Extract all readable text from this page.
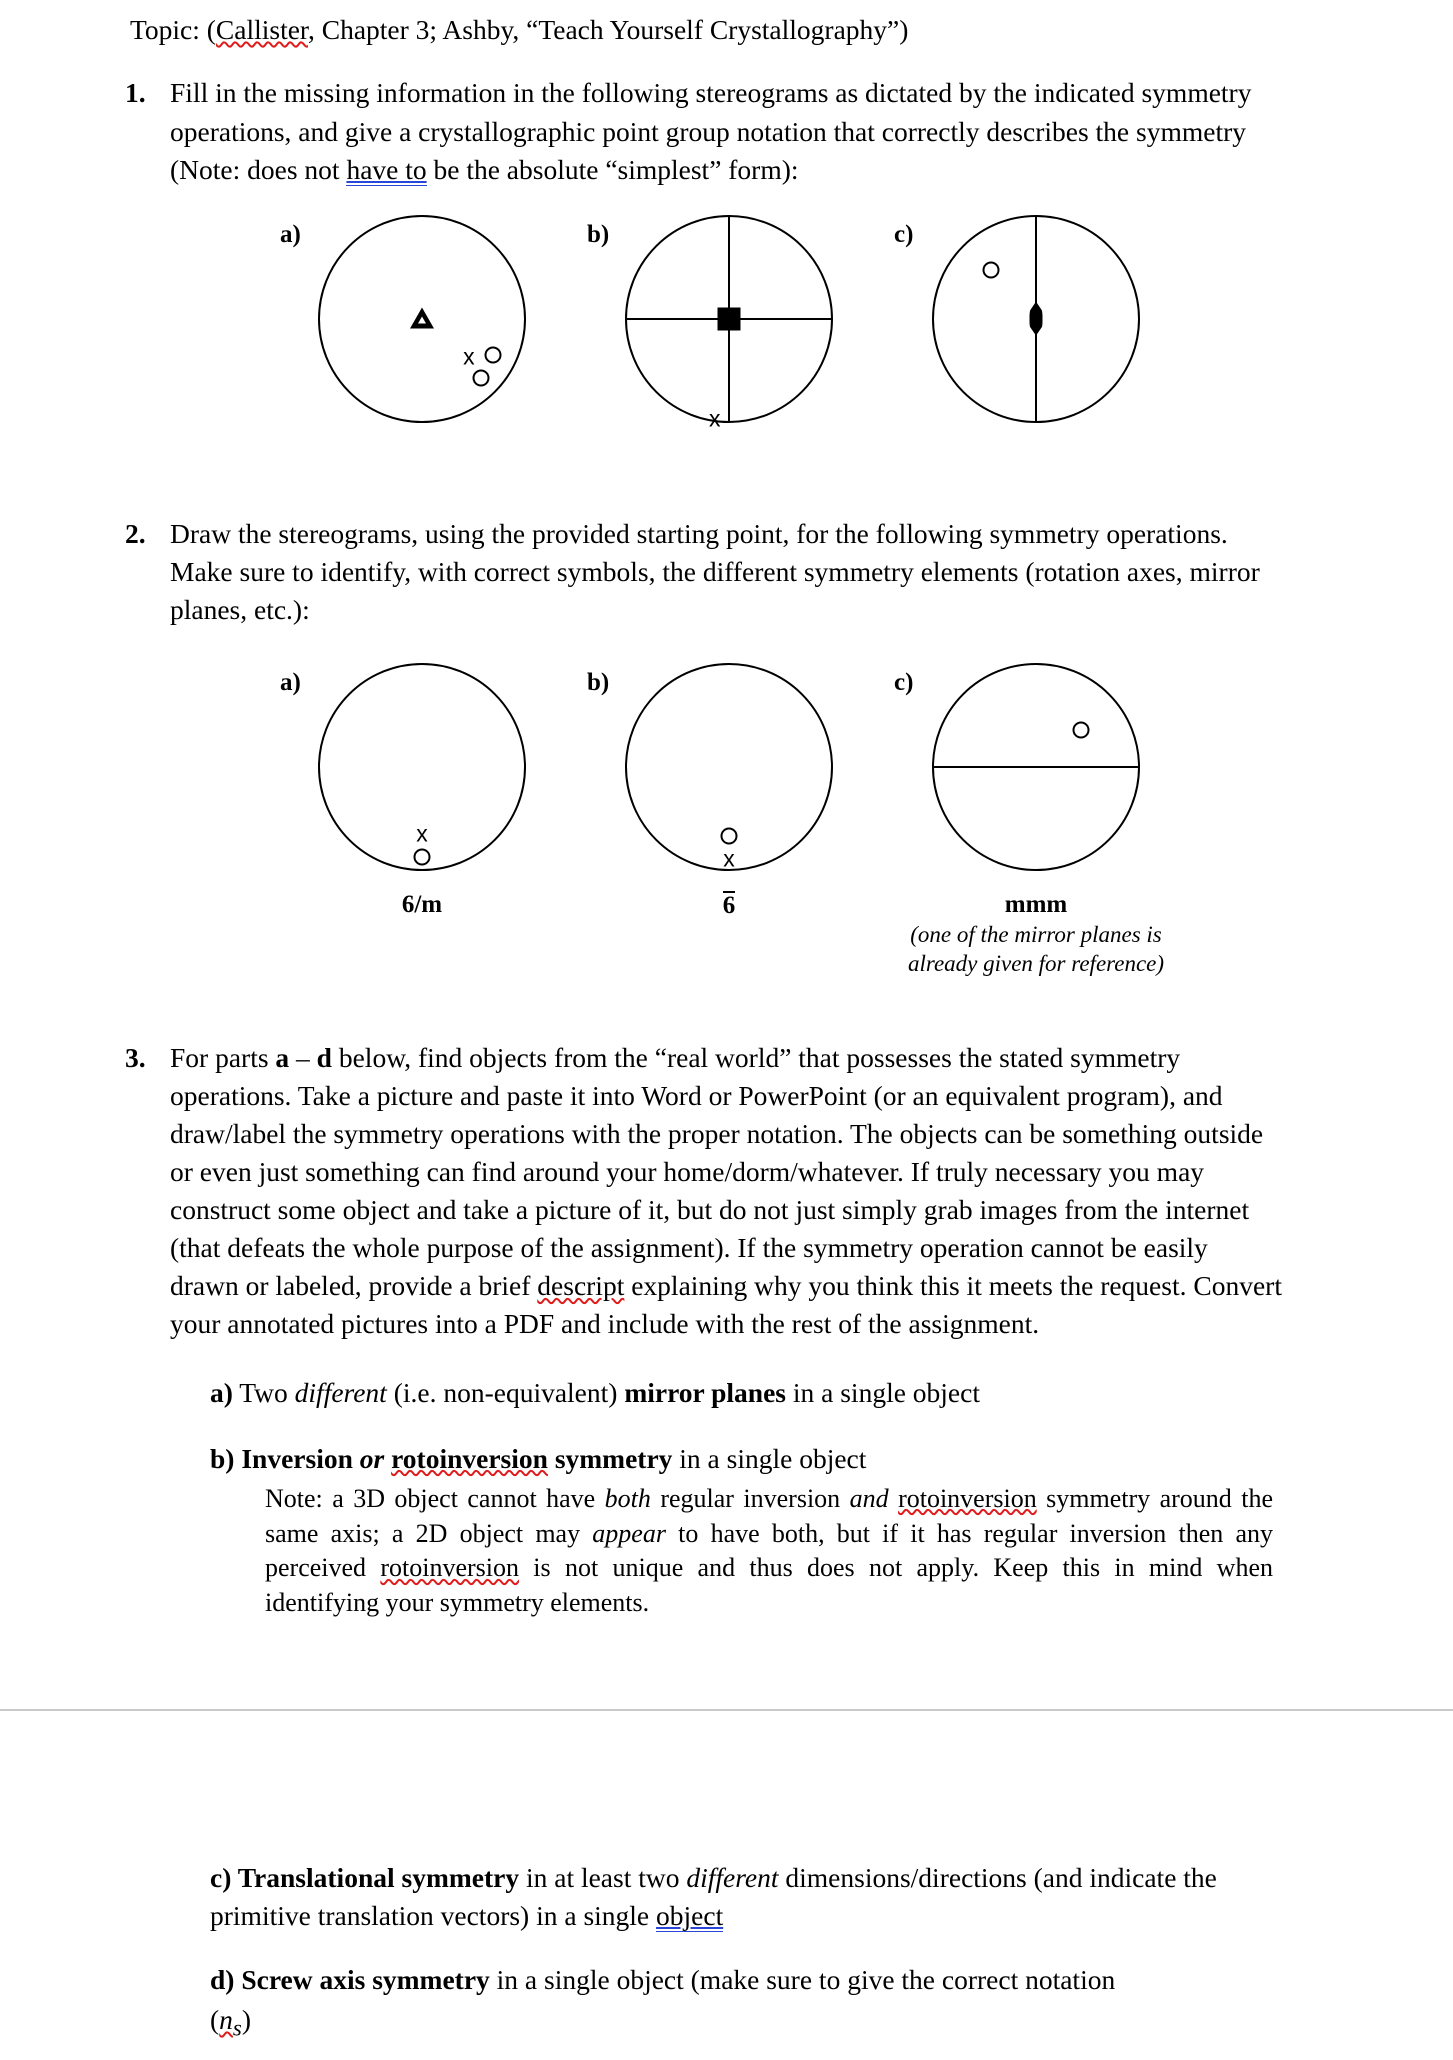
Topic: (Callister, Chapter 3; Ashby, “Teach Yourself Crystallography”)
1. Fill in the missing information in the following stereograms as dictated by the indicated symmetry operations, and give a crystallographic point group notation that correctly describes the symmetry (Note: does not have to be the absolute “simplest” form):
a)
x
b)
x
c)
2. Draw the stereograms, using the provided starting point, for the following symmetry operations. Make sure to identify, with correct symbols, the different symmetry elements (rotation axes, mirror planes, etc.):
a)
x
6/m
b)
x
6
c)
mmm
(one of the mirror planes is already given for reference)
3. For parts a – d below, find objects from the “real world” that possesses the stated symmetry operations. Take a picture and paste it into Word or PowerPoint (or an equivalent program), and draw/label the symmetry operations with the proper notation. The objects can be something outside or even just something can find around your home/dorm/whatever. If truly necessary you may construct some object and take a picture of it, but do not just simply grab images from the internet (that defeats the whole purpose of the assignment). If the symmetry operation cannot be easily drawn or labeled, provide a brief descript explaining why you think this it meets the request. Convert your annotated pictures into a PDF and include with the rest of the assignment.
a) Two different (i.e. non-equivalent) mirror planes in a single object
b) Inversion or rotoinversion symmetry in a single object
Note: a 3D object cannot have both regular inversion and rotoinversion symmetry around the same axis; a 2D object may appear to have both, but if it has regular inversion then any perceived rotoinversion is not unique and thus does not apply. Keep this in mind when identifying your symmetry elements.
c) Translational symmetry in at least two different dimensions/directions (and indicate the primitive translation vectors) in a single object
d) Screw axis symmetry in a single object (make sure to give the correct notation
$(n_s)$
